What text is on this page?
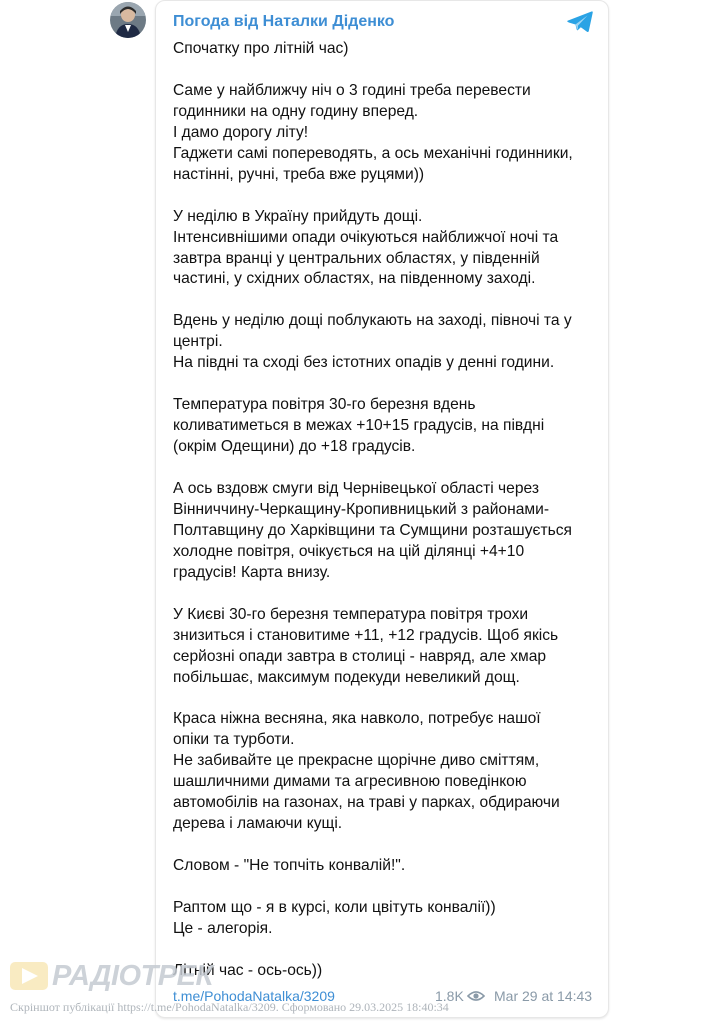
Погода від Наталки Діденко

Спочатку про літній час)

Саме у найближчу ніч о 3 годині треба перевести
годинники на одну годину вперед.
І дамо дорогу літу!
Гаджети самі попереводять, а ось механічні годинники,
настінні, ручні, треба вже руцями))

У неділю в Україну прийдуть дощі.
Інтенсивнішими опади очікуються найближчої ночі та
завтра вранці у центральних областях, у південній
частині, у східних областях, на південному заході.

Вдень у неділю дощі поблукають на заході, півночі та у
центрі.
На півдні та сході без істотних опадів у денні години.

Температура повітря 30-го березня вдень
коливатиметься в межах +10+15 градусів, на півдні
(окрім Одещини) до +18 градусів.

А ось вздовж смуги від Чернівецької області через
Вінниччину-Черкащину-Кропивницький з районами-
Полтавщину до Харківщини та Сумщини розташується
холодне повітря, очікується на цій ділянці +4+10
градусів! Карта внизу.

У Києві 30-го березня температура повітря трохи
знизиться і становитиме +11, +12 градусів. Щоб якісь
серйозні опади завтра в столиці - навряд, але хмар
побільшає, максимум подекуди невеликий дощ.

Краса ніжна весняна, яка навколо, потребує нашої
опіки та турботи.
Не забивайте це прекрасне щорічне диво сміттям,
шашличними димами та агресивною поведінкою
автомобілів на газонах, на траві у парках, обдираючи
дерева і ламаючи кущі.

Словом - "Не топчіть конвалій!".

Раптом що - я в курсі, коли цвітуть конвалії))
Це - алегорія.

Літній час - ось-ось))

t.me/PohodaNatalka/3209	1.8K Mar 29 at 14:43
РАДІОТРЕК
Скріншот публікації https://t.me/PohodaNatalka/3209. Сформовано 29.03.2025 18:40:34
